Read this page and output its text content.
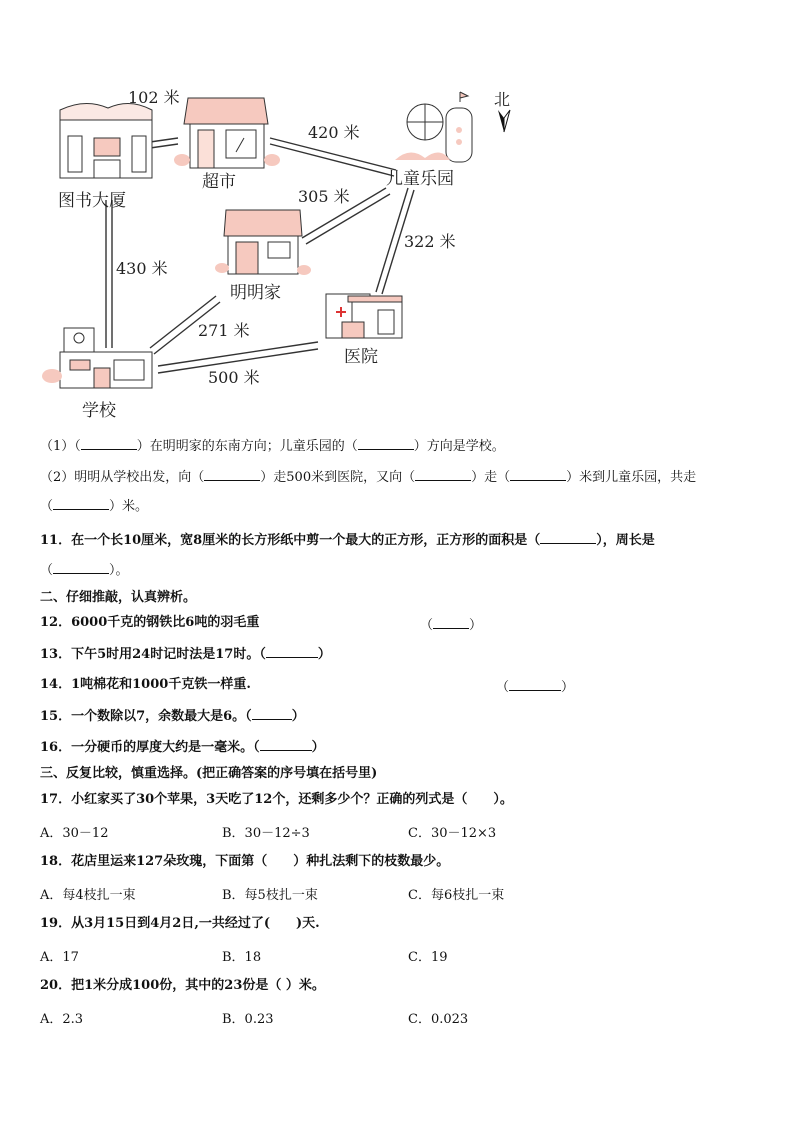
图书大厦
超市	儿童乐园
明明家
医院
学校
北
102 米
420 米
305 米
322 米
430 米
271 米
500 米
（1）（	）在明明家的东南方向；儿童乐园的（	）方向是学校。
（2）明明从学校出发，向（	）走500米到医院，又向（	）走（	）米到儿童乐园，共走
（	）米。
11．在一个长10厘米，宽8厘米的长方形纸中剪一个最大的正方形，正方形的面积是（	），周长是
（	）。
二、仔细推敲，认真辨析。
12．6000千克的钢铁比6吨的羽毛重	（	）
13．下午5时用24时记时法是17时。（	）
14．1吨棉花和1000千克铁一样重.	（	）
15．一个数除以7，余数最大是6。（	）
16．一分硬币的厚度大约是一毫米。（	）
三、反复比较，慎重选择。(把正确答案的序号填在括号里)
17．小红家买了30个苹果，3天吃了12个，还剩多少个？正确的列式是（　　）。
A．30－12	B．30－12÷3	C．30－12×3
18．花店里运来127朵玫瑰，下面第（　　）种扎法剩下的枝数最少。
A．每4枝扎一束	B．每5枝扎一束	C．每6枝扎一束
19．从3月15日到4月2日,一共经过了(　　)天.
A．17	B．18	C．19
20．把1米分成100份，其中的23份是（ ）米。
A．2.3	B．0.23	C．0.023
